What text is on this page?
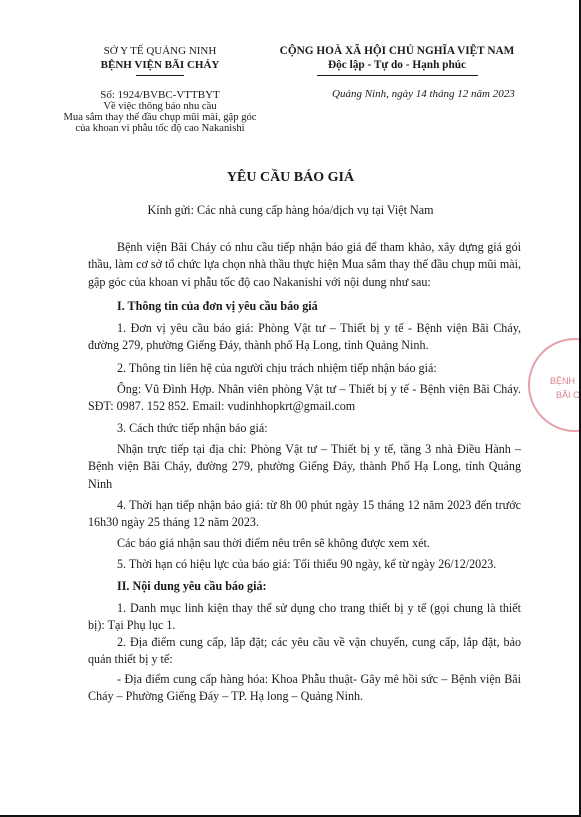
SỞ Y TẾ QUẢNG NINH
BỆNH VIỆN BÃI CHÁY
CỘNG HOÀ XÃ HỘI CHỦ NGHĨA VIỆT NAM
Độc lập - Tự do - Hạnh phúc
Số: 1924/BVBC-VTTBYT
Về việc thông báo nhu cầu
Mua sắm thay thế đầu chụp mũi mài, gập góc
của khoan vi phẫu tốc độ cao Nakanishi
Quảng Ninh, ngày 14 tháng 12 năm 2023
YÊU CẦU BÁO GIÁ
Kính gửi: Các nhà cung cấp hàng hóa/dịch vụ tại Việt Nam
Bệnh viện Bãi Cháy có nhu cầu tiếp nhận báo giá để tham khảo, xây dựng giá gói thầu, làm cơ sở tổ chức lựa chọn nhà thầu thực hiện Mua sắm thay thế đầu chụp mũi mài, gập góc của khoan vi phẫu tốc độ cao Nakanishi với nội dung như sau:
I. Thông tin của đơn vị yêu cầu báo giá
1. Đơn vị yêu cầu báo giá: Phòng Vật tư – Thiết bị y tế - Bệnh viện Bãi Cháy, đường 279, phường Giếng Đáy, thành phố Hạ Long, tỉnh Quảng Ninh.
2. Thông tin liên hệ của người chịu trách nhiệm tiếp nhận báo giá:
Ông: Vũ Đình Hợp. Nhân viên phòng Vật tư – Thiết bị y tế - Bệnh viện Bãi Cháy. SĐT: 0987. 152 852. Email: vudinhhopkrt@gmail.com
3. Cách thức tiếp nhận báo giá:
Nhận trực tiếp tại địa chỉ: Phòng Vật tư – Thiết bị y tế, tầng 3 nhà Điều Hành – Bệnh viện Bãi Cháy, đường 279, phường Giếng Đáy, thành Phố Hạ Long, tỉnh Quảng Ninh
4. Thời hạn tiếp nhận báo giá: từ 8h 00 phút ngày 15 tháng 12 năm 2023 đến trước 16h30 ngày 25 tháng 12 năm 2023.
Các báo giá nhận sau thời điểm nêu trên sẽ không được xem xét.
5. Thời hạn có hiệu lực của báo giá: Tối thiểu 90 ngày, kể từ ngày 26/12/2023.
II. Nội dung yêu cầu báo giá:
1. Danh mục linh kiện thay thế sử dụng cho trang thiết bị y tế (gọi chung là thiết bị): Tại Phụ lục 1.
2. Địa điểm cung cấp, lắp đặt; các yêu cầu về vận chuyển, cung cấp, lắp đặt, bảo quản thiết bị y tế:
- Địa điểm cung cấp hàng hóa: Khoa Phẫu thuật- Gây mê hồi sức – Bệnh viện Bãi Cháy – Phường Giếng Đáy – TP. Hạ long – Quảng Ninh.
BỆNH
BÃI C
